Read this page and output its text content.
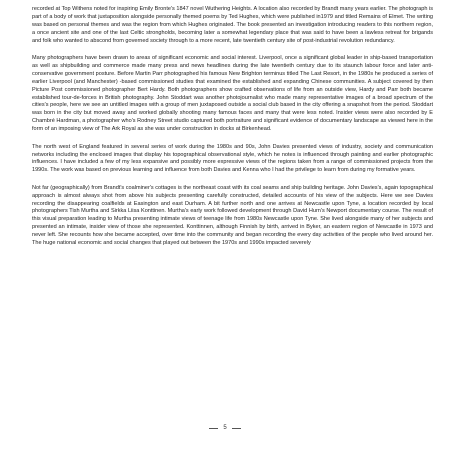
recorded at Top Withens noted for inspiring Emily Bronte's 1847 novel Wuthering Heights. A location also recorded by Brandt many years earlier. The photograph is part of a body of work that juxtaposition alongside personally themed poems by Ted Hughes, which were published in1979 and titled Remains of Elmet. The writing was based on personal themes and was the region from which Hughes originated. The book presented an investigation introducing readers to this northern region, a once ancient site and one of the last Celtic strongholds, becoming later a somewhat legendary place that was said to have been a lawless retreat for brigands and folk who wanted to abscond from governed society through to a more recent, late twentieth century site of post-industrial revolution redundancy.

Many photographers have been drawn to areas of significant economic and social interest. Liverpool, once a significant global leader in ship-based transportation as well as shipbuilding and commerce made many press and news headlines during the late twentieth century due to its staunch labour force and later anti-conservative government posture. Before Martin Parr photographed his famous New Brighton terminus titled The Last Resort, in the 1980s he produced a series of earlier Liverpool (and Manchester) -based commissioned studies that examined the established and expanding Chinese communities. A subject covered by then Picture Post commissioned photographer Bert Hardy. Both photographers show crafted observations of life from an outside view, Hardy and Parr both became established tour-de-forces in British photography. John Stoddart was another photojournalist who made many representative images of a broad spectrum of the cities's people, here we see an untitled images with a group of men juxtaposed outside a social club based in the city offering a snapshot from the period. Stoddart was born in the city but moved away and worked globally shooting many famous faces and many that were less noted. Insider views were also recorded by E Chambré Hardman, a photographer who's Rodney Street studio captured both portraiture and significant evidence of documentary landscape as viewed here in the form of an imposing view of The Ark Royal as she was under construction in docks at Birkenhead.

The north west of England featured in several series of work during the 1980s and 90s, John Davies presented views of industry, society and communication networks including the enclosed images that display his topographical observational style, which he notes is influenced through painting and earlier photographic influences. I have included a few of my less expansive and possibly more expressive views of the regions taken from a range of commissioned projects from the 1990s. The work was based on previous learning and influence from both Davies and Kenna who I had the privilege to learn from during my formative years.

Not far (geographically) from Brandt's coalminer's cottages is the northeast coast with its coal seams and ship building heritage. John Davies's, again topographical approach is almost always shot from above his subjects presenting carefully constructed, detailed accounts of his view of the subjects. Here we see Davies recording the disappearing coalfields at Easington and east Durham. A bit further north and one arrives at Newcastle upon Tyne, a location recorded by local photographers Tish Murtha and Sirkka Liisa Konttinen. Murtha's early work followed development through David Hurn's Newport documentary course. The result of this visual preparation leading to Murtha presenting intimate views of teenage life from 1980s Newcastle upon Tyne. She lived alongside many of her subjects and presented an intimate, insider view of those she represented. Konttinnen, although Finnish by birth, arrived in Byker, an eastern region of Newcastle in 1973 and never left. She recounts how she became accepted, over time into the community and began recording the every day activities of the people who lived around her. The huge national economic and social changes that played out between the 1970s and 1990s impacted severely

5
